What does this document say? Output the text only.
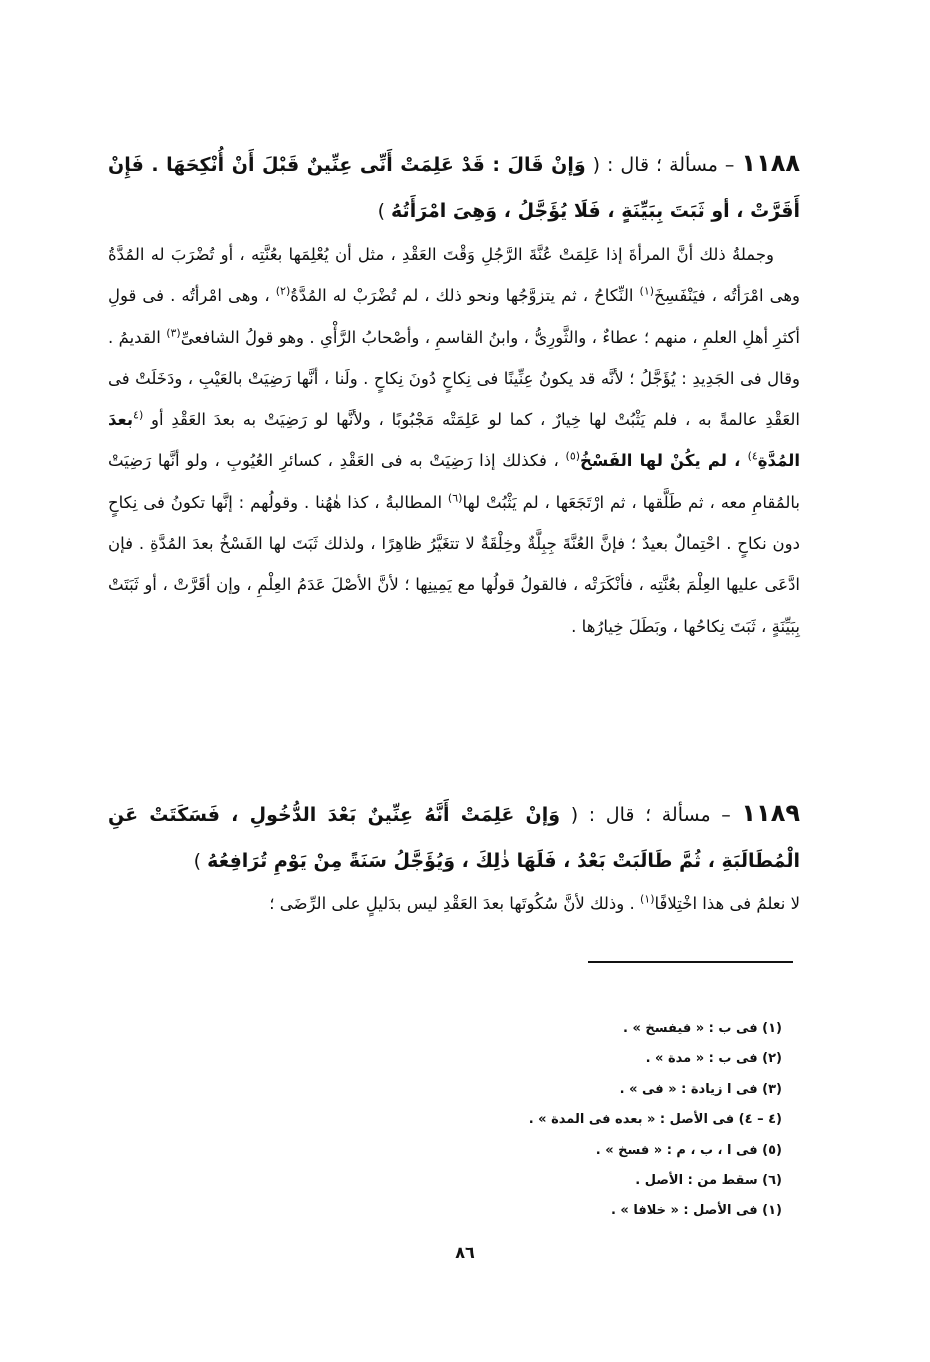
١١٨٨ – مسألة ؛ قال : ( وَإنْ قَالَ : قَدْ عَلِمَتْ أَنِّى عِنِّينٌ قَبْلَ أَنْ أُنْكِحَهَا . فَإِنْ أَقَرَّتْ ، أو ثَبَتَ بِبَيِّنَةٍ ، فَلَا يُؤَجَّلُ ، وَهِىَ امْرَأَتُهُ )

وجملةُ ذلك أنَّ المرأةَ إذا عَلِمَتْ عُنَّةَ الرَّجُلِ وَقْتَ العَقْدِ ، مثل أن يُعْلِمَها بعُنَّتِه ، أو تُضْرَبَ له المُدَّةُ وهى امْرَأتُه ، فيَنْفَسِخَ$^{(١)}$ النِّكاحُ ، ثم يتزوَّجُها ونحو ذلك ، لم تُضْرَبْ له المُدَّةُ$^{(٢)}$ ، وهى امْرأتُه . فى قولِ أكثرِ أهلِ العلمِ ، منهم ؛ عطاءٌ ، والثَّورِىُّ ، وابنُ القاسمِ ، وأصْحابُ الرَّأْىِ . وهو قولُ الشافعىِّ$^{(٣)}$ القديمُ . وقال فى الجَدِيدِ : يُؤَجَّلُ ؛ لأنَّه قد يكونُ عِنِّينًا فى نِكاحٍ دُونَ نِكاحٍ . ولَنا ، أنَّها رَضِيَتْ بالعَيْبِ ، ودَخَلَتْ فى العَقْدِ عالمةً به ، فلم يَثْبُتْ لها خِيارٌ ، كما لو عَلِمَتْه مَجْبُوبًا ، ولأنَّها لو رَضِيَتْ به بعدَ العَقْدِ أو $^{(٤}$بعدَ المُدَّةِ$^{٤)}$ ، لم يكُنْ لها الفَسْخُ$^{(٥)}$ ، فكذلك إذا رَضِيَتْ به فى العَقْدِ ، كسائرِ العُيُوبِ ، ولو أنَّها رَضِيَتْ بالمُقامِ معه ، ثم طَلَّقها ، ثم ارْتَجَعَها ، لم يَثْبُتْ لها$^{(٦)}$ المطالبةُ ، كذا هٰهُنا . وقولُهم : إنَّها تكونُ فى نِكاحٍ دون نكاحٍ . احْتِمالٌ بعيدٌ ؛ فإنَّ العُنَّةَ جِبِلَّةٌ وخِلْقَةٌ لا تتغَيَّرُ ظاهِرًا ، ولذلك ثَبَتَ لها الفَسْخُ بعدَ المُدَّةِ . فإن ادَّعَى عليها العِلْمَ بعُنَّتِه ، فأنْكَرَتْه ، فالقولُ قولُها مع يَمِينِها ؛ لأنَّ الأصْلَ عَدَمُ العِلْمِ ، وإن أقَرَّتْ ، أو ثَبَتَتْ بِبَيِّنَةٍ ، ثَبَتَ نِكاحُها ، وبَطَلَ خِيارُها .

١١٨٩ – مسألة ؛ قال : ( وَإنْ عَلِمَتْ أَنَّهُ عِنِّينٌ بَعْدَ الدُّخُولِ ، فَسَكَتَتْ عَنِ الْمُطَالَبَةِ ، ثُمَّ طَالَبَتْ بَعْدُ ، فَلَهَا ذٰلِكَ ، وَيُؤَجَّلُ سَنَةً مِنْ يَوْمِ تُرَافِعُهُ )

لا نعلمُ فى هذا اخْتِلافًا$^{(١)}$ . وذلك لأنَّ سُكُوتَها بعدَ العَقْدِ ليس بدَليلٍ على الرِّضَى ؛

(١) فى ب : « فيفسخ » .
(٢) فى ب : « مدة » .
(٣) فى ا زيادة : « فى » .
(٤ – ٤) فى الأصل : « بعده فى المدة » .
(٥) فى ا ، ب ، م : « فسخ » .
(٦) سقط من : الأصل .
(١) فى الأصل : « خلافا » .
٨٦
